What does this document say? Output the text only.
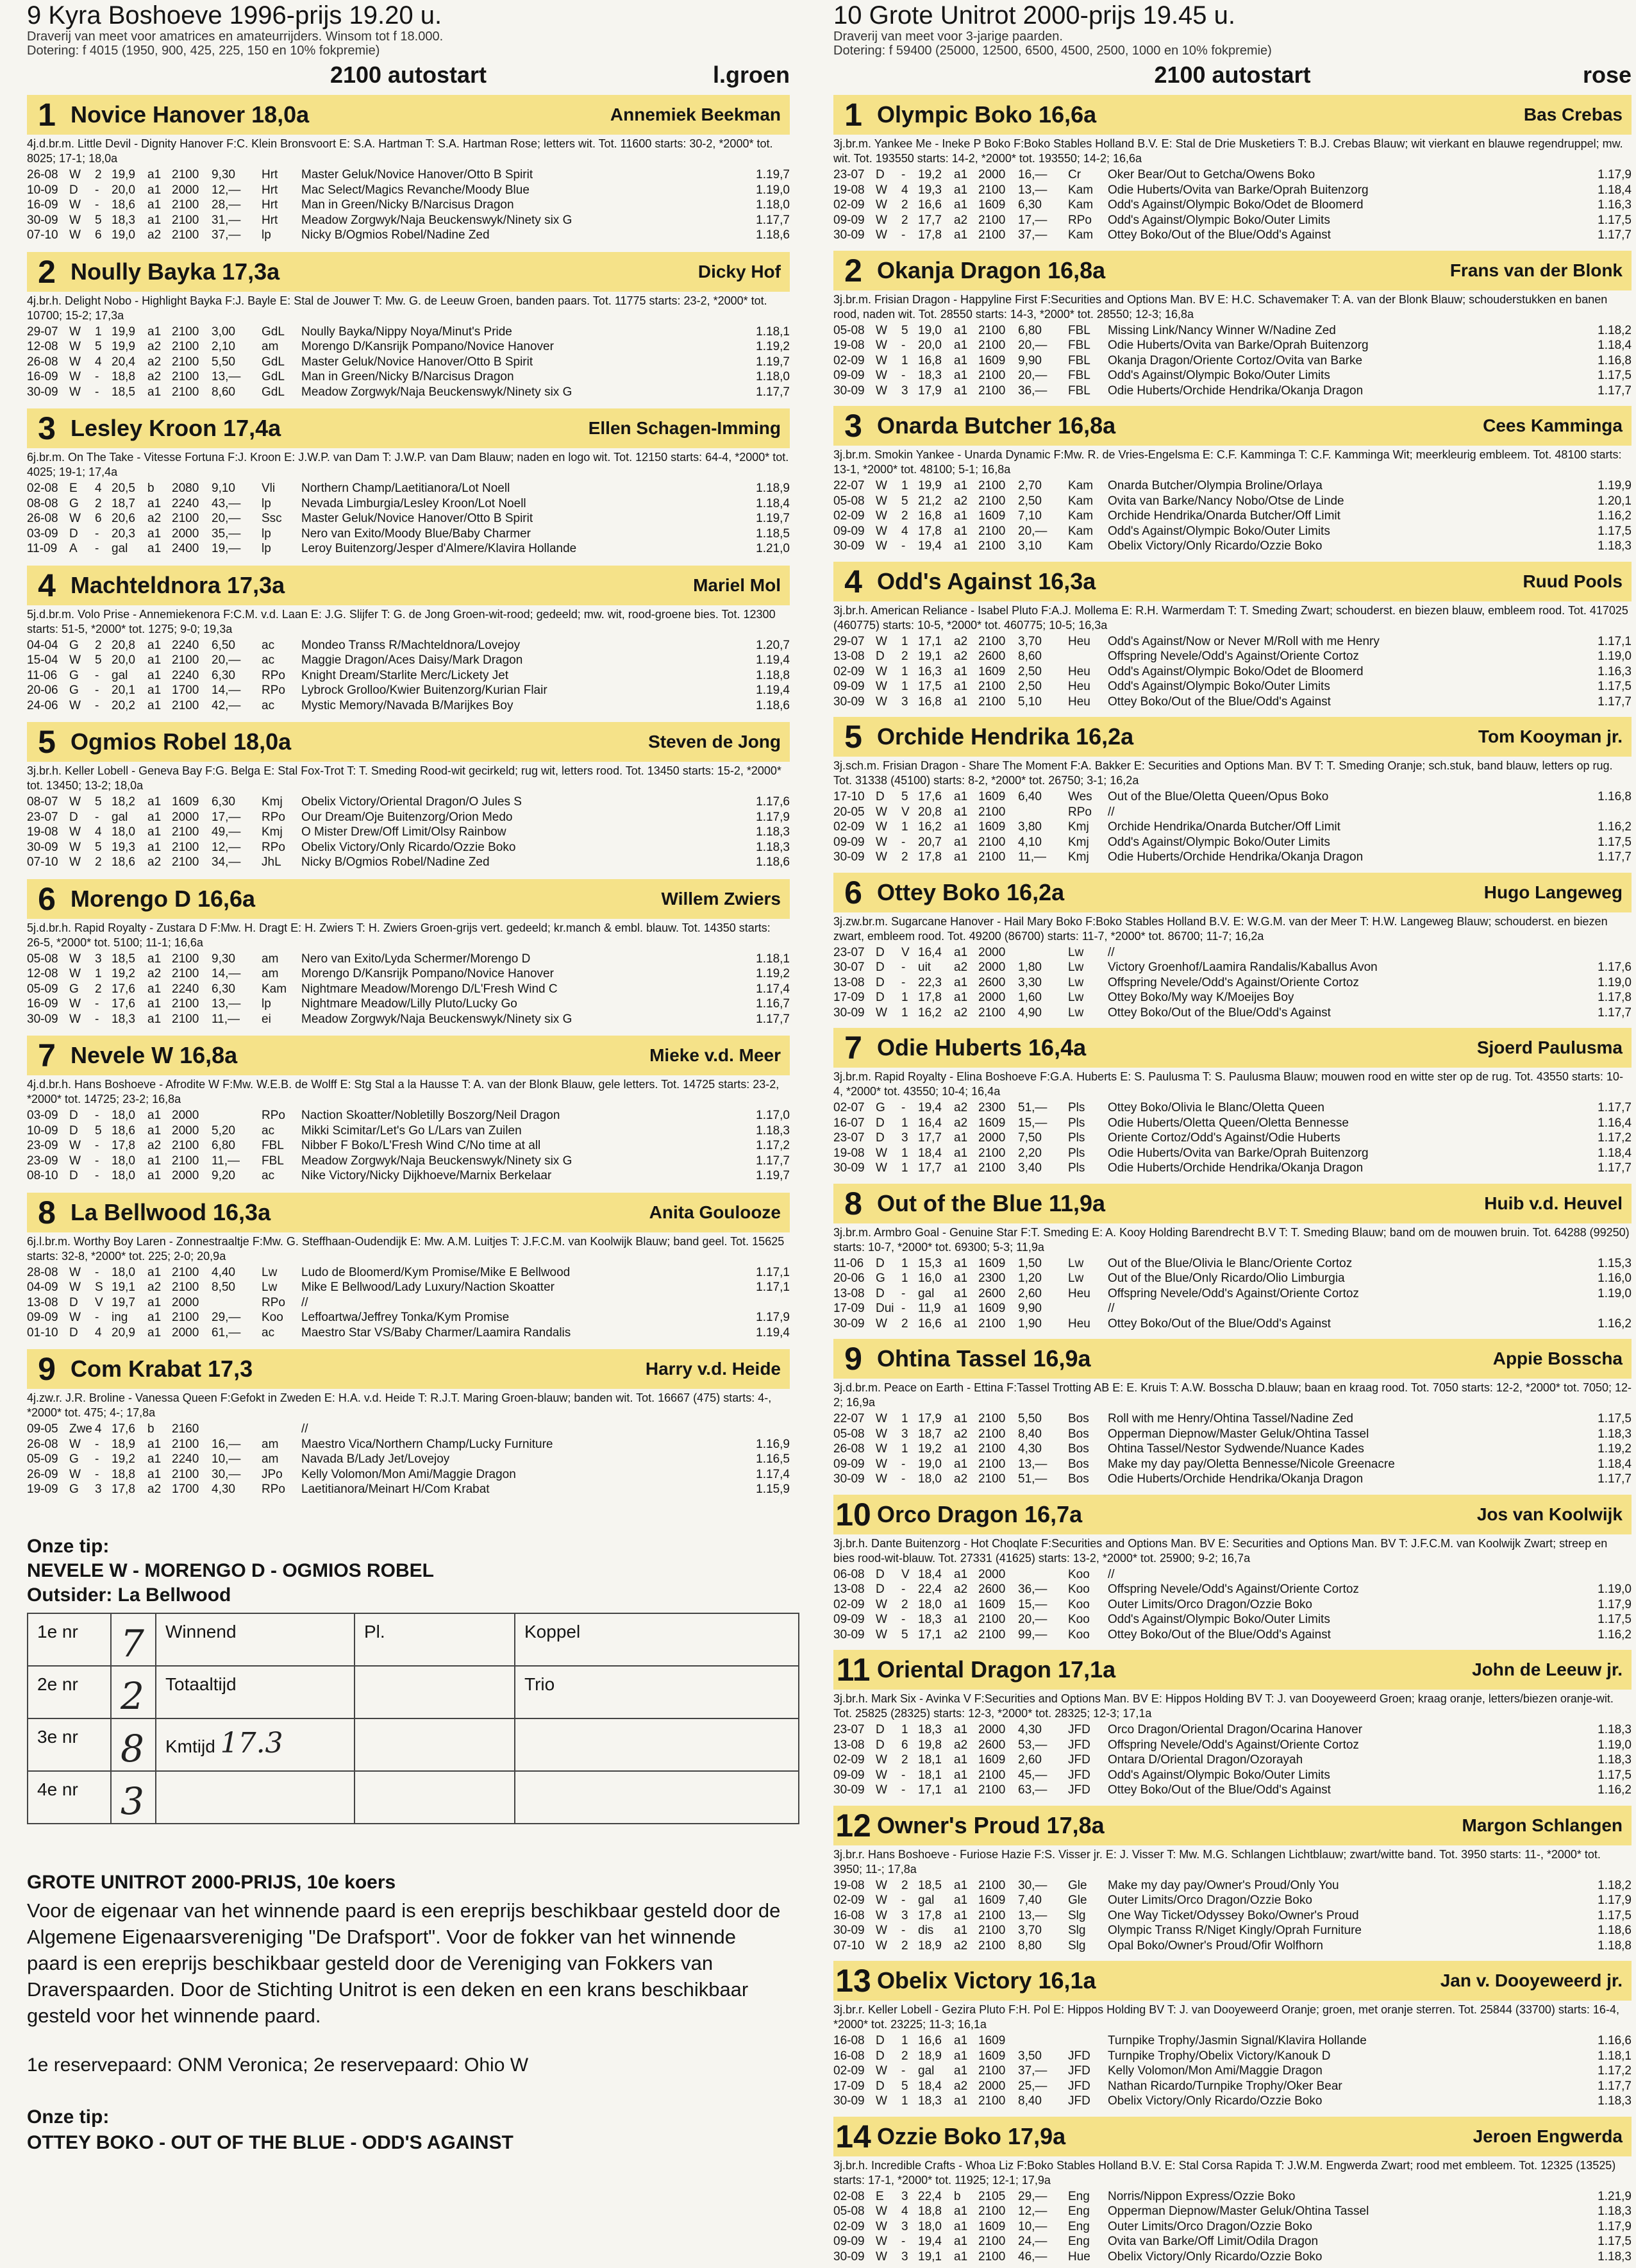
9 Kyra Boshoeve 1996-prijs 19.20 u.
Draverij van meet voor amatrices en amateurrijders. Winsom tot f 18.000.
Dotering: f 4015 (1950, 900, 425, 225, 150 en 10% fokpremie)
2100 autostart	l.groen
1 Novice Hanover 18,0a	Annemiek Beekman
4j.d.br.m. Little Devil - Dignity Hanover F:C. Klein Bronsvoort E: S.A. Hartman T: S.A. Hartman Rose; letters wit. Tot. 11600 starts: 30-2, *2000* tot. 8025; 17-1; 18,0a
26-08	W	2	19,9	a1	2100	9,30	Hrt	Master Geluk/Novice Hanover/Otto B Spirit	1.19,7
10-09	D	-	20,0	a1	2000	12,—	Hrt	Mac Select/Magics Revanche/Moody Blue	1.19,0
16-09	W	-	18,6	a1	2100	28,—	Hrt	Man in Green/Nicky B/Narcisus Dragon	1.18,0
30-09	W	5	18,3	a1	2100	31,—	Hrt	Meadow Zorgwyk/Naja Beuckenswyk/Ninety six G	1.17,7
07-10	W	6	19,0	a2	2100	37,—	lp	Nicky B/Ogmios Robel/Nadine Zed	1.18,6
2 Noully Bayka 17,3a	Dicky Hof
4j.br.h. Delight Nobo - Highlight Bayka F:J. Bayle E: Stal de Jouwer T: Mw. G. de Leeuw Groen, banden paars. Tot. 11775 starts: 23-2, *2000* tot. 10700; 15-2; 17,3a
29-07	W	1	19,9	a1	2100	3,00	GdL	Noully Bayka/Nippy Noya/Minut's Pride	1.18,1
12-08	W	5	19,9	a2	2100	2,10	am	Morengo D/Kansrijk Pompano/Novice Hanover	1.19,2
26-08	W	4	20,4	a2	2100	5,50	GdL	Master Geluk/Novice Hanover/Otto B Spirit	1.19,7
16-09	W	-	18,8	a2	2100	13,—	GdL	Man in Green/Nicky B/Narcisus Dragon	1.18,0
30-09	W	-	18,5	a1	2100	8,60	GdL	Meadow Zorgwyk/Naja Beuckenswyk/Ninety six G	1.17,7
3 Lesley Kroon 17,4a	Ellen Schagen-Imming
6j.br.m. On The Take - Vitesse Fortuna F:J. Kroon E: J.W.P. van Dam T: J.W.P. van Dam Blauw; naden en logo wit. Tot. 12150 starts: 64-4, *2000* tot. 4025; 19-1; 17,4a
02-08	E	4	20,5	b	2080	9,10	Vli	Northern Champ/Laetitianora/Lot Noell	1.18,9
08-08	G	2	18,7	a1	2240	43,—	lp	Nevada Limburgia/Lesley Kroon/Lot Noell	1.18,4
26-08	W	6	20,6	a2	2100	20,—	Ssc	Master Geluk/Novice Hanover/Otto B Spirit	1.19,7
03-09	D	-	20,3	a1	2000	35,—	lp	Nero van Exito/Moody Blue/Baby Charmer	1.18,5
11-09	A	-	gal	a1	2400	19,—	lp	Leroy Buitenzorg/Jesper d'Almere/Klavira Hollande	1.21,0
4 Machteldnora 17,3a	Mariel Mol
5j.d.br.m. Volo Prise - Annemiekenora F:C.M. v.d. Laan E: J.G. Slijfer T: G. de Jong Groen-wit-rood; gedeeld; mw. wit, rood-groene bies. Tot. 12300 starts: 51-5, *2000* tot. 1275; 9-0; 19,3a
04-04	G	2	20,8	a1	2240	6,50	ac	Mondeo Transs R/Machteldnora/Lovejoy	1.20,7
15-04	W	5	20,0	a1	2100	20,—	ac	Maggie Dragon/Aces Daisy/Mark Dragon	1.19,4
11-06	G	-	gal	a1	2240	6,30	RPo	Knight Dream/Starlite Merc/Lickety Jet	1.18,8
20-06	G	-	20,1	a1	1700	14,—	RPo	Lybrock Grolloo/Kwier Buitenzorg/Kurian Flair	1.19,4
24-06	W	-	20,2	a1	2100	42,—	ac	Mystic Memory/Navada B/Marijkes Boy	1.18,6
5 Ogmios Robel 18,0a	Steven de Jong
3j.br.h. Keller Lobell - Geneva Bay F:G. Belga E: Stal Fox-Trot T: T. Smeding Rood-wit gecirkeld; rug wit, letters rood. Tot. 13450 starts: 15-2, *2000* tot. 13450; 13-2; 18,0a
08-07	W	5	18,2	a1	1609	6,30	Kmj	Obelix Victory/Oriental Dragon/O Jules S	1.17,6
23-07	D	-	gal	a1	2000	17,—	RPo	Our Dream/Oje Buitenzorg/Orion Medo	1.17,9
19-08	W	4	18,0	a1	2100	49,—	Kmj	O Mister Drew/Off Limit/Olsy Rainbow	1.18,3
30-09	W	5	19,3	a1	2100	12,—	RPo	Obelix Victory/Only Ricardo/Ozzie Boko	1.18,3
07-10	W	2	18,6	a2	2100	34,—	JhL	Nicky B/Ogmios Robel/Nadine Zed	1.18,6
6 Morengo D 16,6a	Willem Zwiers
5j.d.br.h. Rapid Royalty - Zustara D F:Mw. H. Dragt E: H. Zwiers T: H. Zwiers Groen-grijs vert. gedeeld; kr.manch & embl. blauw. Tot. 14350 starts: 26-5, *2000* tot. 5100; 11-1; 16,6a
05-08	W	3	18,5	a1	2100	9,30	am	Nero van Exito/Lyda Schermer/Morengo D	1.18,1
12-08	W	1	19,2	a2	2100	14,—	am	Morengo D/Kansrijk Pompano/Novice Hanover	1.19,2
05-09	G	2	17,6	a1	2240	6,30	Kam	Nightmare Meadow/Morengo D/L'Fresh Wind C	1.17,4
16-09	W	-	17,6	a1	2100	13,—	lp	Nightmare Meadow/Lilly Pluto/Lucky Go	1.16,7
30-09	W	-	18,3	a1	2100	11,—	ei	Meadow Zorgwyk/Naja Beuckenswyk/Ninety six G	1.17,7
7 Nevele W 16,8a	Mieke v.d. Meer
4j.d.br.h. Hans Boshoeve - Afrodite W F:Mw. W.E.B. de Wolff E: Stg Stal a la Hausse T: A. van der Blonk Blauw, gele letters. Tot. 14725 starts: 23-2, *2000* tot. 14725; 23-2; 16,8a
03-09	D	-	18,0	a1	2000		RPo	Naction Skoatter/Nobletilly Boszorg/Neil Dragon	1.17,0
10-09	D	5	18,6	a1	2000	5,20	ac	Mikki Scimitar/Let's Go L/Lars van Zuilen	1.18,3
23-09	W	-	17,8	a2	2100	6,80	FBL	Nibber F Boko/L'Fresh Wind C/No time at all	1.17,2
23-09	W	-	18,0	a1	2100	11,—	FBL	Meadow Zorgwyk/Naja Beuckenswyk/Ninety six G	1.17,7
08-10	D	-	18,0	a1	2000	9,20	ac	Nike Victory/Nicky Dijkhoeve/Marnix Berkelaar	1.19,7
8 La Bellwood 16,3a	Anita Goulooze
6j.l.br.m. Worthy Boy Laren - Zonnestraaltje F:Mw. G. Steffhaan-Oudendijk E: Mw. A.M. Luitjes T: J.F.C.M. van Koolwijk Blauw; band geel. Tot. 15625 starts: 32-8, *2000* tot. 225; 2-0; 20,9a
28-08	W	-	18,0	a1	2100	4,40	Lw	Ludo de Bloomerd/Kym Promise/Mike E Bellwood	1.17,1
04-09	W	S	19,1	a2	2100	8,50	Lw	Mike E Bellwood/Lady Luxury/Naction Skoatter	1.17,1
13-08	D	V	19,7	a1	2000		RPo	//	
09-09	W	-	ing	a1	2100	29,—	Koo	Leffoartwa/Jeffrey Tonka/Kym Promise	1.17,9
01-10	D	4	20,9	a1	2000	61,—	ac	Maestro Star VS/Baby Charmer/Laamira Randalis	1.19,4
9 Com Krabat 17,3	Harry v.d. Heide
4j.zw.r. J.R. Broline - Vanessa Queen F:Gefokt in Zweden E: H.A. v.d. Heide T: R.J.T. Maring Groen-blauw; banden wit. Tot. 16667 (475) starts: 4-, *2000* tot. 475; 4-; 17,8a
09-05	Zwe	4	17,6	b	2160			//	
26-08	W	-	18,9	a1	2100	16,—	am	Maestro Vica/Northern Champ/Lucky Furniture	1.16,9
05-09	G	-	19,2	a1	2240	10,—	am	Navada B/Lady Jet/Lovejoy	1.16,5
26-09	W	-	18,8	a1	2100	30,—	JPo	Kelly Volomon/Mon Ami/Maggie Dragon	1.17,4
19-09	G	3	17,8	a2	1700	4,30	RPo	Laetitianora/Meinart H/Com Krabat	1.15,9
Onze tip:
NEVELE W - MORENGO D - OGMIOS ROBEL
Outsider: La Bellwood
1e nr	7	Winnend	Pl.	Koppel
2e nr	2	Totaaltijd		Trio
3e nr	8	Kmtijd 17.3		
4e nr	3			
GROTE UNITROT 2000-PRIJS, 10e koers
Voor de eigenaar van het winnende paard is een ereprijs beschikbaar gesteld door de Algemene Eigenaarsvereniging "De Drafsport". Voor de fokker van het winnende paard is een ereprijs beschikbaar gesteld door de Vereniging van Fokkers van Draverspaarden. Door de Stichting Unitrot is een deken en een krans beschikbaar gesteld voor het winnende paard.
1e reservepaard: ONM Veronica; 2e reservepaard: Ohio W
Onze tip:
OTTEY BOKO - OUT OF THE BLUE - ODD'S AGAINST
10 Grote Unitrot 2000-prijs 19.45 u.
Draverij van meet voor 3-jarige paarden.
Dotering: f 59400 (25000, 12500, 6500, 4500, 2500, 1000 en 10% fokpremie)
2100 autostart	rose
1 Olympic Boko 16,6a	Bas Crebas
3j.br.m. Yankee Me - Ineke P Boko F:Boko Stables Holland B.V. E: Stal de Drie Musketiers T: B.J. Crebas Blauw; wit vierkant en blauwe regendruppel; mw. wit. Tot. 193550 starts: 14-2, *2000* tot. 193550; 14-2; 16,6a
23-07	D	-	19,2	a1	2000	16,—	Cr	Oker Bear/Out to Getcha/Owens Boko	1.17,9
19-08	W	4	19,3	a1	2100	13,—	Kam	Odie Huberts/Ovita van Barke/Oprah Buitenzorg	1.18,4
02-09	W	2	16,6	a1	1609	6,30	Kam	Odd's Against/Olympic Boko/Odet de Bloomerd	1.16,3
09-09	W	2	17,7	a2	2100	17,—	RPo	Odd's Against/Olympic Boko/Outer Limits	1.17,5
30-09	W	-	17,8	a1	2100	37,—	Kam	Ottey Boko/Out of the Blue/Odd's Against	1.17,7
2 Okanja Dragon 16,8a	Frans van der Blonk
3j.br.m. Frisian Dragon - Happyline First F:Securities and Options Man. BV E: H.C. Schavemaker T: A. van der Blonk Blauw; schouderstukken en banen rood, naden wit. Tot. 28550 starts: 14-3, *2000* tot. 28550; 12-3; 16,8a
05-08	W	5	19,0	a1	2100	6,80	FBL	Missing Link/Nancy Winner W/Nadine Zed	1.18,2
19-08	W	-	20,0	a1	2100	20,—	FBL	Odie Huberts/Ovita van Barke/Oprah Buitenzorg	1.18,4
02-09	W	1	16,8	a1	1609	9,90	FBL	Okanja Dragon/Oriente Cortoz/Ovita van Barke	1.16,8
09-09	W	-	18,3	a1	2100	20,—	FBL	Odd's Against/Olympic Boko/Outer Limits	1.17,5
30-09	W	3	17,9	a1	2100	36,—	FBL	Odie Huberts/Orchide Hendrika/Okanja Dragon	1.17,7
3 Onarda Butcher 16,8a	Cees Kamminga
3j.br.m. Smokin Yankee - Unarda Dynamic F:Mw. R. de Vries-Engelsma E: C.F. Kamminga T: C.F. Kamminga Wit; meerkleurig embleem. Tot. 48100 starts: 13-1, *2000* tot. 48100; 5-1; 16,8a
22-07	W	1	19,9	a1	2100	2,70	Kam	Onarda Butcher/Olympia Broline/Orlaya	1.19,9
05-08	W	5	21,2	a2	2100	2,50	Kam	Ovita van Barke/Nancy Nobo/Otse de Linde	1.20,1
02-09	W	2	16,8	a1	1609	7,10	Kam	Orchide Hendrika/Onarda Butcher/Off Limit	1.16,2
09-09	W	4	17,8	a1	2100	20,—	Kam	Odd's Against/Olympic Boko/Outer Limits	1.17,5
30-09	W	-	19,4	a1	2100	3,10	Kam	Obelix Victory/Only Ricardo/Ozzie Boko	1.18,3
4 Odd's Against 16,3a	Ruud Pools
3j.br.h. American Reliance - Isabel Pluto F:A.J. Mollema E: R.H. Warmerdam T: T. Smeding Zwart; schouderst. en biezen blauw, embleem rood. Tot. 417025 (460775) starts: 10-5, *2000* tot. 460775; 10-5; 16,3a
29-07	W	1	17,1	a2	2100	3,70	Heu	Odd's Against/Now or Never M/Roll with me Henry	1.17,1
13-08	D	2	19,1	a2	2600	8,60		Offspring Nevele/Odd's Against/Oriente Cortoz	1.19,0
02-09	W	1	16,3	a1	1609	2,50	Heu	Odd's Against/Olympic Boko/Odet de Bloomerd	1.16,3
09-09	W	1	17,5	a1	2100	2,50	Heu	Odd's Against/Olympic Boko/Outer Limits	1.17,5
30-09	W	3	16,8	a1	2100	5,10	Heu	Ottey Boko/Out of the Blue/Odd's Against	1.17,7
5 Orchide Hendrika 16,2a	Tom Kooyman jr.
3j.sch.m. Frisian Dragon - Share The Moment F:A. Bakker E: Securities and Options Man. BV T: T. Smeding Oranje; sch.stuk, band blauw, letters op rug. Tot. 31338 (45100) starts: 8-2, *2000* tot. 26750; 3-1; 16,2a
17-10	D	5	17,6	a1	1609	6,40	Wes	Out of the Blue/Oletta Queen/Opus Boko	1.16,8
20-05	W	V	20,8	a1	2100		RPo	//	
02-09	W	1	16,2	a1	1609	3,80	Kmj	Orchide Hendrika/Onarda Butcher/Off Limit	1.16,2
09-09	W	-	20,7	a1	2100	4,10	Kmj	Odd's Against/Olympic Boko/Outer Limits	1.17,5
30-09	W	2	17,8	a1	2100	11,—	Kmj	Odie Huberts/Orchide Hendrika/Okanja Dragon	1.17,7
6 Ottey Boko 16,2a	Hugo Langeweg
3j.zw.br.m. Sugarcane Hanover - Hail Mary Boko F:Boko Stables Holland B.V. E: W.G.M. van der Meer T: H.W. Langeweg Blauw; schouderst. en biezen zwart, embleem rood. Tot. 49200 (86700) starts: 11-7, *2000* tot. 86700; 11-7; 16,2a
23-07	D	V	16,4	a1	2000		Lw	//	
30-07	D	-	uit	a2	2000	1,80	Lw	Victory Groenhof/Laamira Randalis/Kaballus Avon	1.17,6
13-08	D	-	22,3	a1	2600	3,30	Lw	Offspring Nevele/Odd's Against/Oriente Cortoz	1.19,0
17-09	D	1	17,8	a1	2000	1,60	Lw	Ottey Boko/My way K/Moeijes Boy	1.17,8
30-09	W	1	16,2	a2	2100	4,90	Lw	Ottey Boko/Out of the Blue/Odd's Against	1.17,7
7 Odie Huberts 16,4a	Sjoerd Paulusma
3j.br.m. Rapid Royalty - Elina Boshoeve F:G.A. Huberts E: S. Paulusma T: S. Paulusma Blauw; mouwen rood en witte ster op de rug. Tot. 43550 starts: 10-4, *2000* tot. 43550; 10-4; 16,4a
02-07	G	-	19,4	a2	2300	51,—	Pls	Ottey Boko/Olivia le Blanc/Oletta Queen	1.17,7
16-07	D	1	16,4	a2	1609	15,—	Pls	Odie Huberts/Oletta Queen/Oletta Bennesse	1.16,4
23-07	D	3	17,7	a1	2000	7,50	Pls	Oriente Cortoz/Odd's Against/Odie Huberts	1.17,2
19-08	W	1	18,4	a1	2100	2,20	Pls	Odie Huberts/Ovita van Barke/Oprah Buitenzorg	1.18,4
30-09	W	1	17,7	a1	2100	3,40	Pls	Odie Huberts/Orchide Hendrika/Okanja Dragon	1.17,7
8 Out of the Blue 11,9a	Huib v.d. Heuvel
3j.br.m. Armbro Goal - Genuine Star F:T. Smeding E: A. Kooy Holding Barendrecht B.V T: T. Smeding Blauw; band om de mouwen bruin. Tot. 64288 (99250) starts: 10-7, *2000* tot. 69300; 5-3; 11,9a
11-06	D	1	15,3	a1	1609	1,50	Lw	Out of the Blue/Olivia le Blanc/Oriente Cortoz	1.15,3
20-06	G	1	16,0	a1	2300	1,20	Lw	Out of the Blue/Only Ricardo/Olio Limburgia	1.16,0
13-08	D	-	gal	a1	2600	2,60	Heu	Offspring Nevele/Odd's Against/Oriente Cortoz	1.19,0
17-09	Dui	-	11,9	a1	1609	9,90		//	
30-09	W	2	16,6	a1	2100	1,90	Heu	Ottey Boko/Out of the Blue/Odd's Against	1.16,2
9 Ohtina Tassel 16,9a	Appie Bosscha
3j.d.br.m. Peace on Earth - Ettina F:Tassel Trotting AB E: E. Kruis T: A.W. Bosscha D.blauw; baan en kraag rood. Tot. 7050 starts: 12-2, *2000* tot. 7050; 12-2; 16,9a
22-07	W	1	17,9	a1	2100	5,50	Bos	Roll with me Henry/Ohtina Tassel/Nadine Zed	1.17,5
05-08	W	3	18,7	a2	2100	8,40	Bos	Opperman Diepnow/Master Geluk/Ohtina Tassel	1.18,3
26-08	W	1	19,2	a1	2100	4,30	Bos	Ohtina Tassel/Nestor Sydwende/Nuance Kades	1.19,2
09-09	W	-	19,0	a1	2100	13,—	Bos	Make my day pay/Oletta Bennesse/Nicole Greenacre	1.18,4
30-09	W	-	18,0	a2	2100	51,—	Bos	Odie Huberts/Orchide Hendrika/Okanja Dragon	1.17,7
10 Orco Dragon 16,7a	Jos van Koolwijk
3j.br.h. Dante Buitenzorg - Hot Choqlate F:Securities and Options Man. BV E: Securities and Options Man. BV T: J.F.C.M. van Koolwijk Zwart; streep en bies rood-wit-blauw. Tot. 27331 (41625) starts: 13-2, *2000* tot. 25900; 9-2; 16,7a
06-08	D	V	18,4	a1	2000		Koo	//	
13-08	D	-	22,4	a2	2600	36,—	Koo	Offspring Nevele/Odd's Against/Oriente Cortoz	1.19,0
02-09	W	2	18,0	a1	1609	15,—	Koo	Outer Limits/Orco Dragon/Ozzie Boko	1.17,9
09-09	W	-	18,3	a1	2100	20,—	Koo	Odd's Against/Olympic Boko/Outer Limits	1.17,5
30-09	W	5	17,1	a2	2100	99,—	Koo	Ottey Boko/Out of the Blue/Odd's Against	1.16,2
11 Oriental Dragon 17,1a	John de Leeuw jr.
3j.br.h. Mark Six - Avinka V F:Securities and Options Man. BV E: Hippos Holding BV T: J. van Dooyeweerd Groen; kraag oranje, letters/biezen oranje-wit. Tot. 25825 (28325) starts: 12-3, *2000* tot. 28325; 12-3; 17,1a
23-07	D	1	18,3	a1	2000	4,30	JFD	Orco Dragon/Oriental Dragon/Ocarina Hanover	1.18,3
13-08	D	6	19,8	a2	2600	53,—	JFD	Offspring Nevele/Odd's Against/Oriente Cortoz	1.19,0
02-09	W	2	18,1	a1	1609	2,60	JFD	Ontara D/Oriental Dragon/Ozorayah	1.18,3
09-09	W	-	18,1	a1	2100	45,—	JFD	Odd's Against/Olympic Boko/Outer Limits	1.17,5
30-09	W	-	17,1	a1	2100	63,—	JFD	Ottey Boko/Out of the Blue/Odd's Against	1.16,2
12 Owner's Proud 17,8a	Margon Schlangen
3j.br.r. Hans Boshoeve - Furiose Hazie F:S. Visser jr. E: J. Visser T: Mw. M.G. Schlangen Lichtblauw; zwart/witte band. Tot. 3950 starts: 11-, *2000* tot. 3950; 11-; 17,8a
19-08	W	2	18,5	a1	2100	30,—	Gle	Make my day pay/Owner's Proud/Only You	1.18,2
02-09	W	-	gal	a1	1609	7,40	Gle	Outer Limits/Orco Dragon/Ozzie Boko	1.17,9
16-08	W	3	17,8	a1	2100	13,—	Slg	One Way Ticket/Odyssey Boko/Owner's Proud	1.17,5
30-09	W	-	dis	a1	2100	3,70	Slg	Olympic Transs R/Niget Kingly/Oprah Furniture	1.18,6
07-10	W	2	18,9	a2	2100	8,80	Slg	Opal Boko/Owner's Proud/Ofir Wolfhorn	1.18,8
13 Obelix Victory 16,1a	Jan v. Dooyeweerd jr.
3j.br.r. Keller Lobell - Gezira Pluto F:H. Pol E: Hippos Holding BV T: J. van Dooyeweerd Oranje; groen, met oranje sterren. Tot. 25844 (33700) starts: 16-4, *2000* tot. 23225; 11-3; 16,1a
16-08	D	1	16,6	a1	1609			Turnpike Trophy/Jasmin Signal/Klavira Hollande	1.16,6
16-08	D	2	18,9	a1	1609	3,50	JFD	Turnpike Trophy/Obelix Victory/Kanouk D	1.18,1
02-09	W	-	gal	a1	2100	37,—	JFD	Kelly Volomon/Mon Ami/Maggie Dragon	1.17,2
17-09	D	5	18,4	a2	2000	25,—	JFD	Nathan Ricardo/Turnpike Trophy/Oker Bear	1.17,7
30-09	W	1	18,3	a1	2100	8,40	JFD	Obelix Victory/Only Ricardo/Ozzie Boko	1.18,3
14 Ozzie Boko 17,9a	Jeroen Engwerda
3j.br.h. Incredible Crafts - Whoa Liz F:Boko Stables Holland B.V. E: Stal Corsa Rapida T: J.W.M. Engwerda Zwart; rood met embleem. Tot. 12325 (13525) starts: 17-1, *2000* tot. 11925; 12-1; 17,9a
02-08	E	3	22,4	b	2105	29,—	Eng	Norris/Nippon Express/Ozzie Boko	1.21,9
05-08	W	4	18,8	a1	2100	12,—	Eng	Opperman Diepnow/Master Geluk/Ohtina Tassel	1.18,3
02-09	W	3	18,0	a1	1609	10,—	Eng	Outer Limits/Orco Dragon/Ozzie Boko	1.17,9
09-09	W	-	19,4	a1	2100	24,—	Eng	Ovita van Barke/Off Limit/Odila Dragon	1.17,5
30-09	W	3	19,1	a1	2100	46,—	Hue	Obelix Victory/Only Ricardo/Ozzie Boko	1.18,3
